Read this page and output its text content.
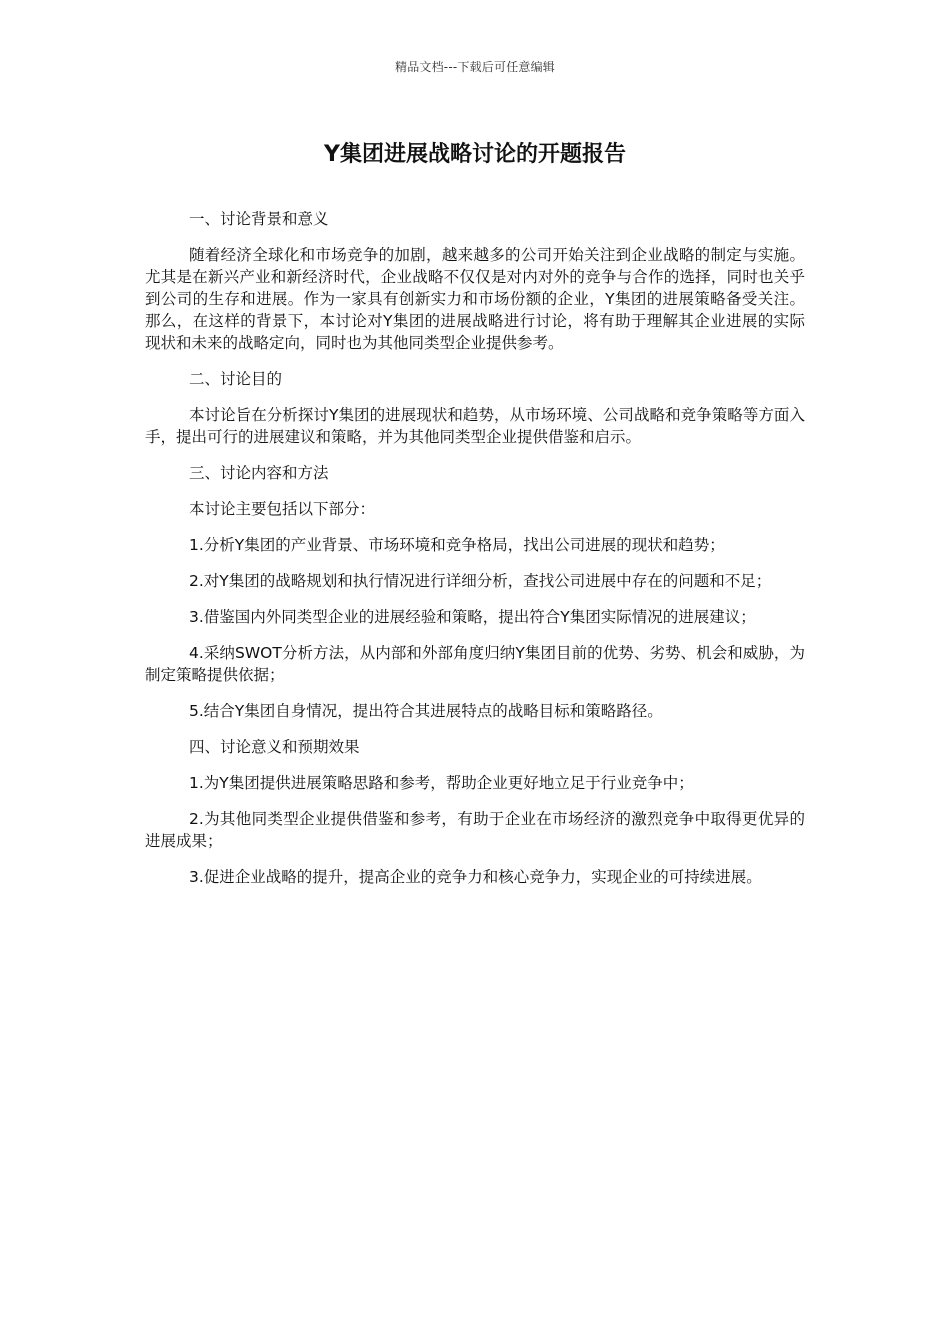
精品文档---下载后可任意编辑
Y集团进展战略讨论的开题报告

一、讨论背景和意义

随着经济全球化和市场竞争的加剧，越来越多的公司开始关注到企业战略的制定与实施。尤其是在新兴产业和新经济时代，企业战略不仅仅是对内对外的竞争与合作的选择，同时也关乎到公司的生存和进展。作为一家具有创新实力和市场份额的企业，Y集团的进展策略备受关注。那么，在这样的背景下，本讨论对Y集团的进展战略进行讨论，将有助于理解其企业进展的实际现状和未来的战略定向，同时也为其他同类型企业提供参考。

二、讨论目的

本讨论旨在分析探讨Y集团的进展现状和趋势，从市场环境、公司战略和竞争策略等方面入手，提出可行的进展建议和策略，并为其他同类型企业提供借鉴和启示。

三、讨论内容和方法

本讨论主要包括以下部分：

1.分析Y集团的产业背景、市场环境和竞争格局，找出公司进展的现状和趋势；

2.对Y集团的战略规划和执行情况进行详细分析，查找公司进展中存在的问题和不足；

3.借鉴国内外同类型企业的进展经验和策略，提出符合Y集团实际情况的进展建议；

4.采纳SWOT分析方法，从内部和外部角度归纳Y集团目前的优势、劣势、机会和威胁，为制定策略提供依据；

5.结合Y集团自身情况，提出符合其进展特点的战略目标和策略路径。

四、讨论意义和预期效果

1.为Y集团提供进展策略思路和参考，帮助企业更好地立足于行业竞争中；

2.为其他同类型企业提供借鉴和参考，有助于企业在市场经济的激烈竞争中取得更优异的进展成果；

3.促进企业战略的提升，提高企业的竞争力和核心竞争力，实现企业的可持续进展。
